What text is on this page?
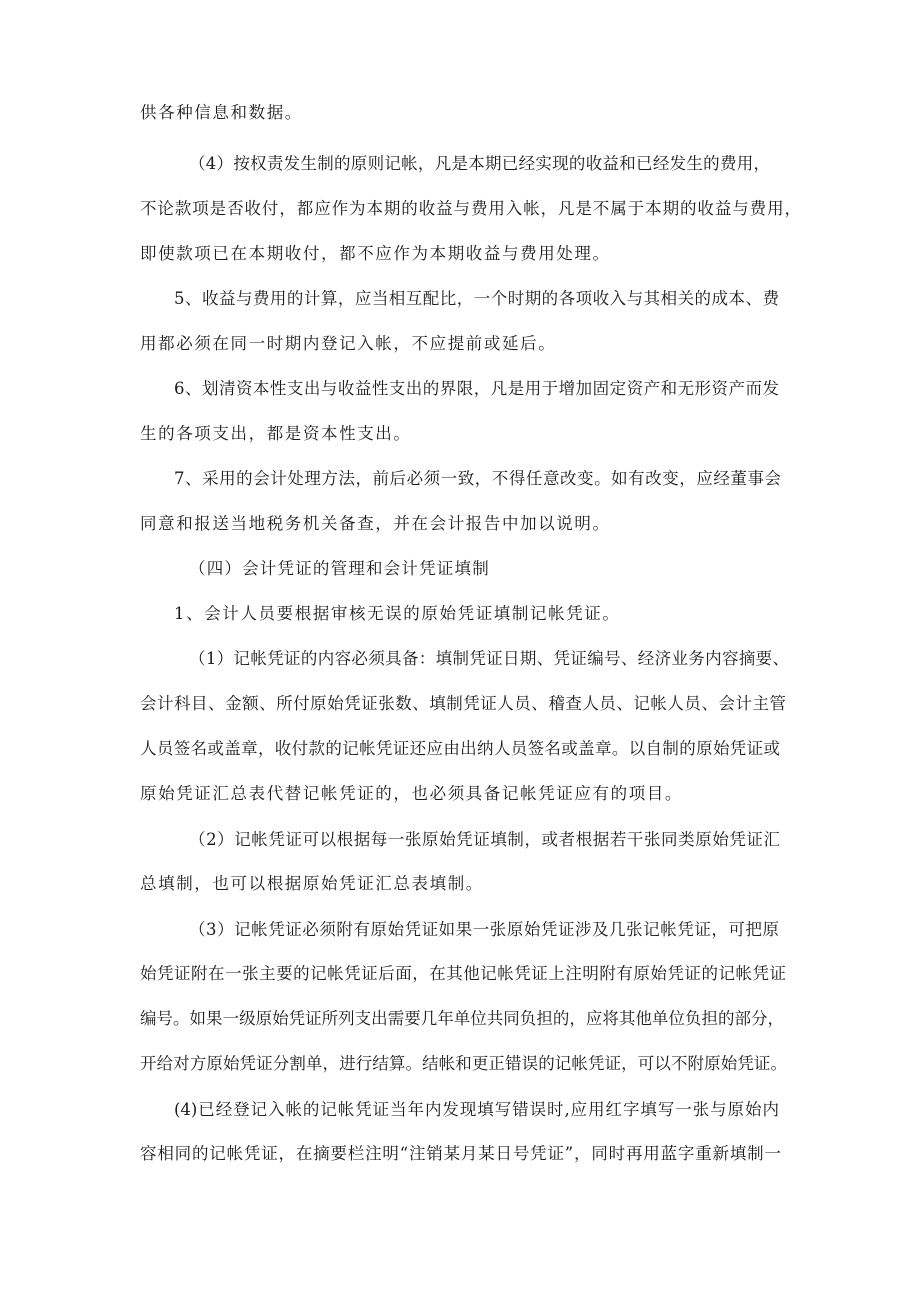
供各种信息和数据。
（4）按权责发生制的原则记帐，凡是本期已经实现的收益和已经发生的费用，
不论款项是否收付，都应作为本期的收益与费用入帐，凡是不属于本期的收益与费用，
即使款项已在本期收付，都不应作为本期收益与费用处理。
5、收益与费用的计算，应当相互配比，一个时期的各项收入与其相关的成本、费
用都必须在同一时期内登记入帐，不应提前或延后。
6、划清资本性支出与收益性支出的界限，凡是用于增加固定资产和无形资产而发
生的各项支出，都是资本性支出。
7、采用的会计处理方法，前后必须一致，不得任意改变。如有改变，应经董事会
同意和报送当地税务机关备查，并在会计报告中加以说明。
（四）会计凭证的管理和会计凭证填制
1、会计人员要根据审核无误的原始凭证填制记帐凭证。
（1）记帐凭证的内容必须具备：填制凭证日期、凭证编号、经济业务内容摘要、
会计科目、金额、所付原始凭证张数、填制凭证人员、稽查人员、记帐人员、会计主管
人员签名或盖章，收付款的记帐凭证还应由出纳人员签名或盖章。以自制的原始凭证或
原始凭证汇总表代替记帐凭证的，也必须具备记帐凭证应有的项目。
（2）记帐凭证可以根据每一张原始凭证填制，或者根据若干张同类原始凭证汇
总填制，也可以根据原始凭证汇总表填制。
（3）记帐凭证必须附有原始凭证如果一张原始凭证涉及几张记帐凭证，可把原
始凭证附在一张主要的记帐凭证后面，在其他记帐凭证上注明附有原始凭证的记帐凭证
编号。如果一级原始凭证所列支出需要几年单位共同负担的，应将其他单位负担的部分，
开给对方原始凭证分割单，进行结算。结帐和更正错误的记帐凭证，可以不附原始凭证。
(4)已经登记入帐的记帐凭证当年内发现填写错误时,应用红字填写一张与原始内
容相同的记帐凭证，在摘要栏注明“注销某月某日号凭证”，同时再用蓝字重新填制一
